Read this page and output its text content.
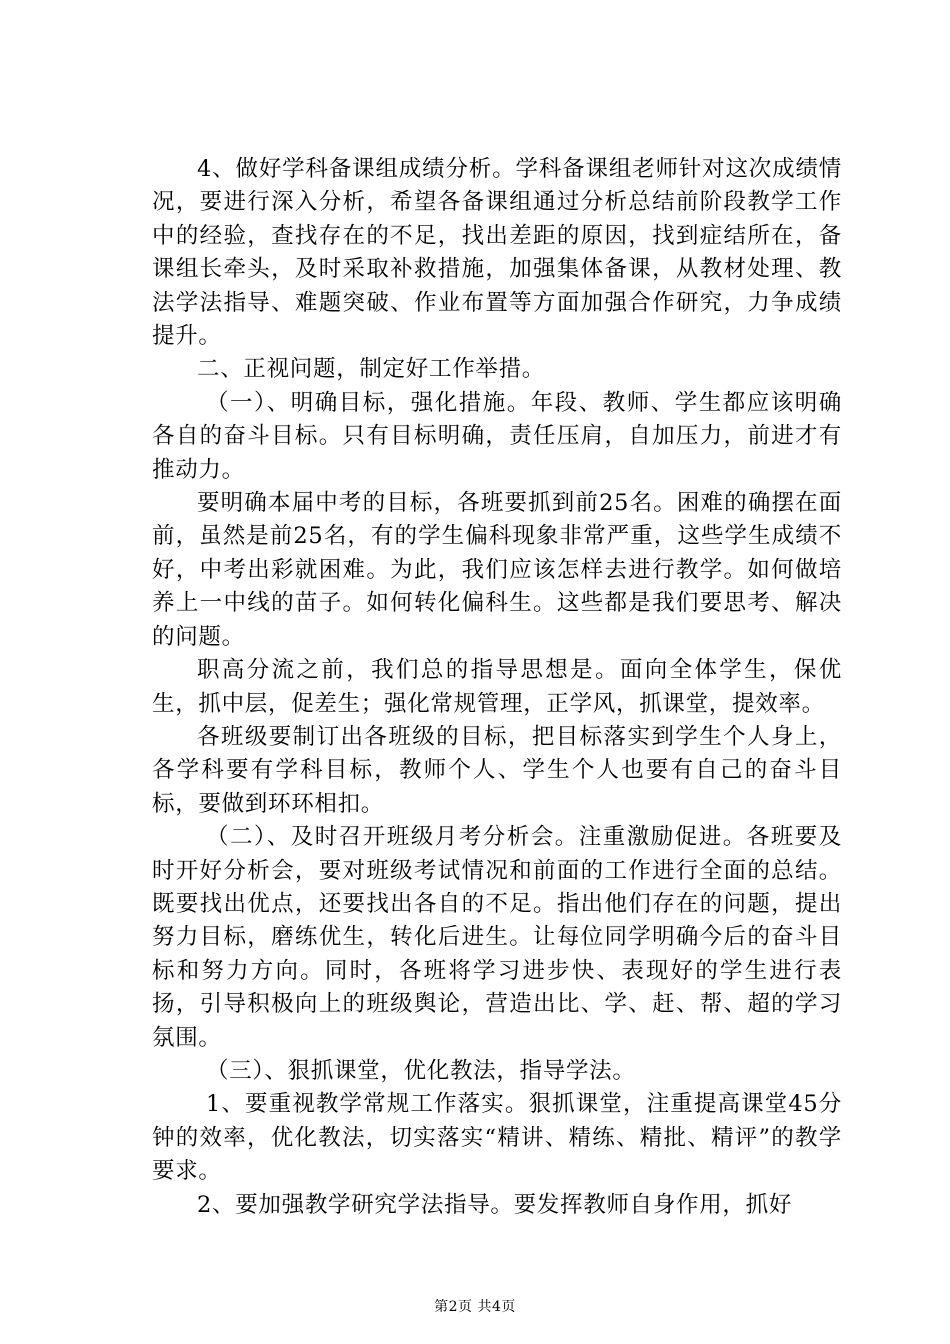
4、做好学科备课组成绩分析。学科备课组老师针对这次成绩情况，要进行深入分析，希望各备课组通过分析总结前阶段教学工作中的经验，查找存在的不足，找出差距的原因，找到症结所在，备课组长牵头，及时采取补救措施，加强集体备课，从教材处理、教法学法指导、难题突破、作业布置等方面加强合作研究，力争成绩提升。

二、正视问题，制定好工作举措。

（一）、明确目标，强化措施。年段、教师、学生都应该明确各自的奋斗目标。只有目标明确，责任压肩，自加压力，前进才有推动力。

要明确本届中考的目标，各班要抓到前25名。困难的确摆在面前，虽然是前25名，有的学生偏科现象非常严重，这些学生成绩不好，中考出彩就困难。为此，我们应该怎样去进行教学。如何做培养上一中线的苗子。如何转化偏科生。这些都是我们要思考、解决的问题。

职高分流之前，我们总的指导思想是。面向全体学生，保优生，抓中层，促差生；强化常规管理，正学风，抓课堂，提效率。

各班级要制订出各班级的目标，把目标落实到学生个人身上，各学科要有学科目标，教师个人、学生个人也要有自己的奋斗目标，要做到环环相扣。

（二）、及时召开班级月考分析会。注重激励促进。各班要及时开好分析会，要对班级考试情况和前面的工作进行全面的总结。既要找出优点，还要找出各自的不足。指出他们存在的问题，提出努力目标，磨练优生，转化后进生。让每位同学明确今后的奋斗目标和努力方向。同时，各班将学习进步快、表现好的学生进行表扬，引导积极向上的班级舆论，营造出比、学、赶、帮、超的学习氛围。

（三）、狠抓课堂，优化教法，指导学法。

1、要重视教学常规工作落实。狠抓课堂，注重提高课堂45分钟的效率，优化教法，切实落实“精讲、精练、精批、精评”的教学要求。

2、要加强教学研究学法指导。要发挥教师自身作用，抓好

第2页 共4页
